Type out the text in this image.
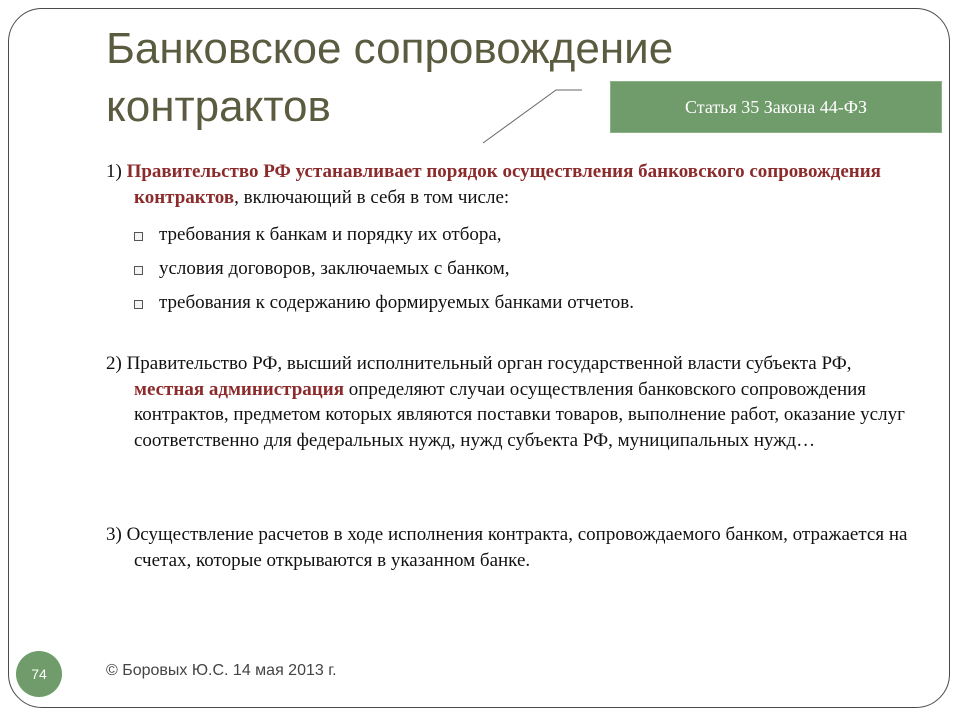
Банковское сопровождение контрактов	Статья 35 Закона 44-ФЗ

1) Правительство РФ устанавливает порядок осуществления банковского сопровождения контрактов, включающий в себя в том числе:

требования к банкам и порядку их отбора,
условия договоров, заключаемых с банком,
требования к содержанию формируемых банками отчетов.

2) Правительство РФ, высший исполнительный орган государственной власти субъекта РФ, местная администрация определяют случаи осуществления банковского сопровождения контрактов, предметом которых являются поставки товаров, выполнение работ, оказание услуг соответственно для федеральных нужд, нужд субъекта РФ, муниципальных нужд…

3) Осуществление расчетов в ходе исполнения контракта, сопровождаемого банком, отражается на счетах, которые открываются в указанном банке.

74	© Боровых Ю.С. 14 мая 2013 г.
